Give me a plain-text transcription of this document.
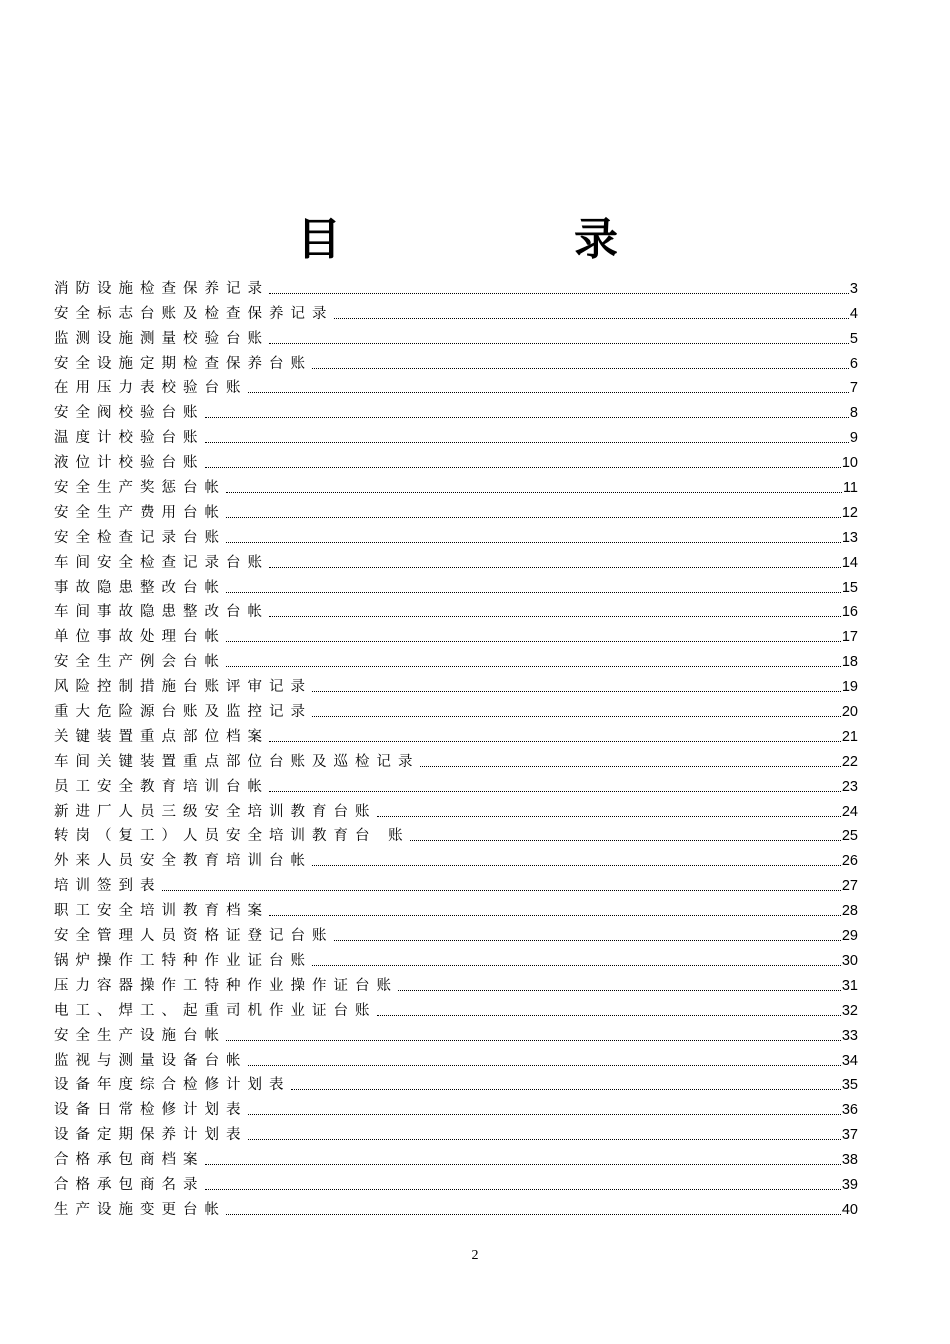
目	录
消防设施检查保养记录	3
安全标志台账及检查保养记录	4
监测设施测量校验台账	5
安全设施定期检查保养台账	6
在用压力表校验台账	7
安全阀校验台账	8
温度计校验台账	9
液位计校验台账	10
安全生产奖惩台帐	11
安全生产费用台帐	12
安全检查记录台账	13
车间安全检查记录台账	14
事故隐患整改台帐	15
车间事故隐患整改台帐	16
单位事故处理台帐	17
安全生产例会台帐	18
风险控制措施台账评审记录	19
重大危险源台账及监控记录	20
关键装置重点部位档案	21
车间关键装置重点部位台账及巡检记录	22
员工安全教育培训台帐	23
新进厂人员三级安全培训教育台账	24
转岗（复工）人员安全培训教育台 账	25
外来人员安全教育培训台帐	26
培训签到表	27
职工安全培训教育档案	28
安全管理人员资格证登记台账	29
锅炉操作工特种作业证台账	30
压力容器操作工特种作业操作证台账	31
电工、焊工、起重司机作业证台账	32
安全生产设施台帐	33
监视与测量设备台帐	34
设备年度综合检修计划表	35
设备日常检修计划表	36
设备定期保养计划表	37
合格承包商档案	38
合格承包商名录	39
生产设施变更台帐	40
2
